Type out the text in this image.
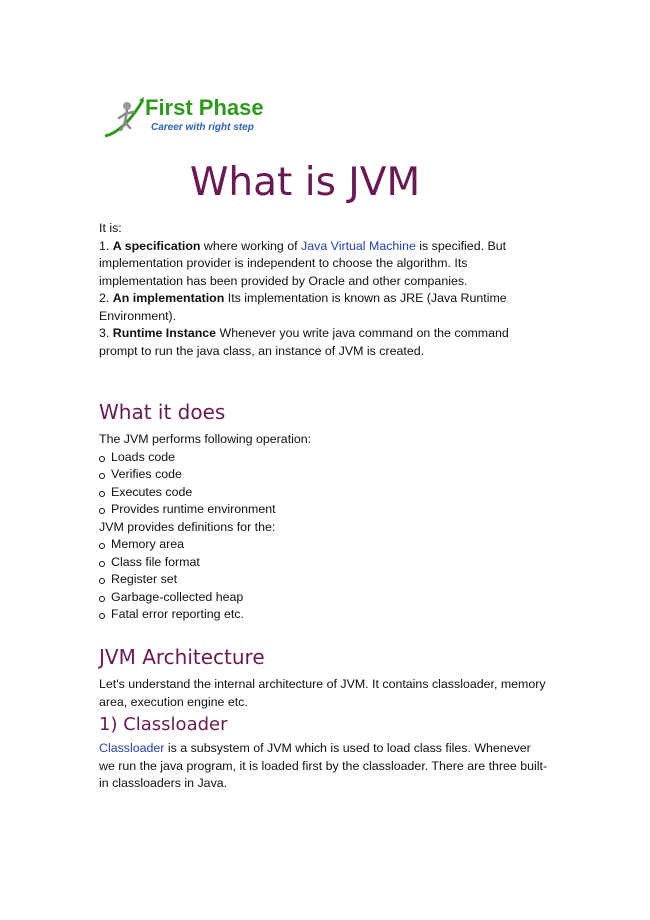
First Phase
Career with right step
What is JVM

It is:

1. A specification where working of Java Virtual Machine is specified. But implementation provider is independent to choose the algorithm. Its implementation has been provided by Oracle and other companies.

2. An implementation Its implementation is known as JRE (Java Runtime Environment).

3. Runtime Instance Whenever you write java command on the command prompt to run the java class, an instance of JVM is created.

What it does

The JVM performs following operation:

Loads code
Verifies code
Executes code
Provides runtime environment

JVM provides definitions for the:

Memory area
Class file format
Register set
Garbage-collected heap
Fatal error reporting etc.
JVM Architecture

Let's understand the internal architecture of JVM. It contains classloader, memory area, execution engine etc.

1) Classloader

Classloader is a subsystem of JVM which is used to load class files. Whenever we run the java program, it is loaded first by the classloader. There are three built-in classloaders in Java.
